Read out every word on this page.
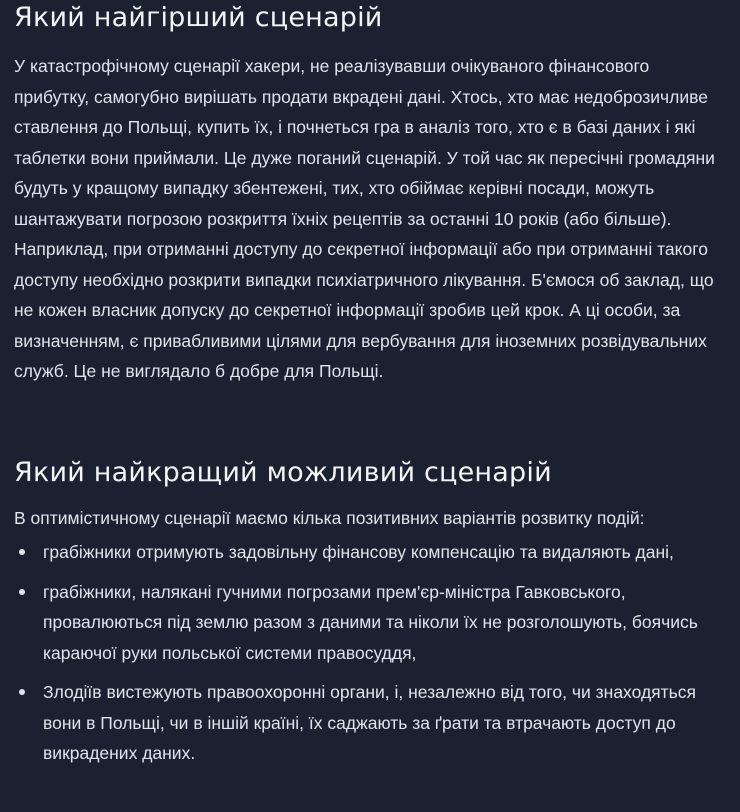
Який найгірший сценарій

У катастрофічному сценарії хакери, не реалізувавши очікуваного фінансового прибутку, самогубно вирішать продати вкрадені дані. Хтось, хто має недоброзичливе ставлення до Польщі, купить їх, і почнеться гра в аналіз того, хто є в базі даних і які таблетки вони приймали. Це дуже поганий сценарій. У той час як пересічні громадяни будуть у кращому випадку збентежені, тих, хто обіймає керівні посади, можуть шантажувати погрозою розкриття їхніх рецептів за останні 10 років (або більше). Наприклад, при отриманні доступу до секретної інформації або при отриманні такого доступу необхідно розкрити випадки психіатричного лікування. Б'ємося об заклад, що не кожен власник допуску до секретної інформації зробив цей крок. А ці особи, за визначенням, є привабливими цілями для вербування для іноземних розвідувальних служб. Це не виглядало б добре для Польщі.

Який найкращий можливий сценарій

В оптимістичному сценарії маємо кілька позитивних варіантів розвитку подій:

грабіжники отримують задовільну фінансову компенсацію та видаляють дані,
грабіжники, налякані гучними погрозами прем'єр-міністра Гавковського, провалюються під землю разом з даними та ніколи їх не розголошують, боячись караючої руки польської системи правосуддя,
Злодіїв вистежують правоохоронні органи, і, незалежно від того, чи знаходяться вони в Польщі, чи в іншій країні, їх саджають за ґрати та втрачають доступ до викрадених даних.
